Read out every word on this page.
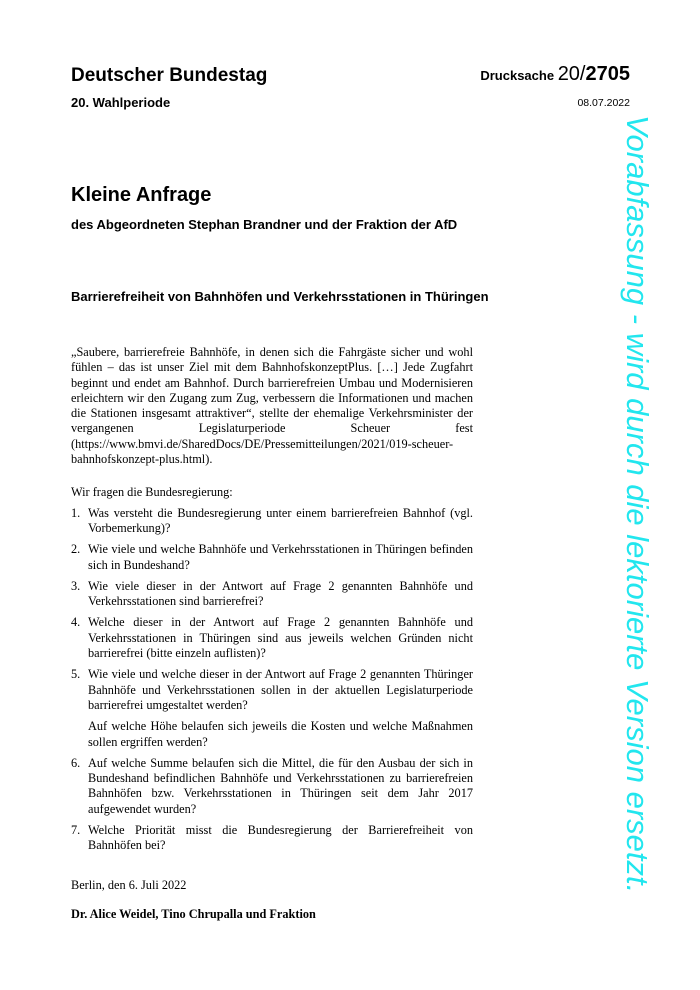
Deutscher Bundestag
20. Wahlperiode
Drucksache 20/2705
08.07.2022
Kleine Anfrage
des Abgeordneten Stephan Brandner und der Fraktion der AfD
Barrierefreiheit von Bahnhöfen und Verkehrsstationen in Thüringen

„Saubere, barrierefreie Bahnhöfe, in denen sich die Fahrgäste sicher und wohl fühlen – das ist unser Ziel mit dem BahnhofskonzeptPlus. […] Jede Zugfahrt beginnt und endet am Bahnhof. Durch barrierefreien Umbau und Modernisieren erleichtern wir den Zugang zum Zug, verbessern die Informationen und machen die Stationen insgesamt attraktiver“, stellte der ehemalige Verkehrsminister der vergangenen Legislaturperiode Scheuer fest (https://www.bmvi.de/SharedDocs/DE/Pressemitteilungen/2021/019-scheuer-bahnhofskonzept-plus.html).

Wir fragen die Bundesregierung:

1. Was versteht die Bundesregierung unter einem barrierefreien Bahnhof (vgl. Vorbemerkung)?
2. Wie viele und welche Bahnhöfe und Verkehrsstationen in Thüringen befinden sich in Bundeshand?
3. Wie viele dieser in der Antwort auf Frage 2 genannten Bahnhöfe und Verkehrsstationen sind barrierefrei?
4. Welche dieser in der Antwort auf Frage 2 genannten Bahnhöfe und Verkehrsstationen in Thüringen sind aus jeweils welchen Gründen nicht barrierefrei (bitte einzeln auflisten)?
5. Wie viele und welche dieser in der Antwort auf Frage 2 genannten Thüringer Bahnhöfe und Verkehrsstationen sollen in der aktuellen Legislaturperiode barrierefrei umgestaltet werden?
Auf welche Höhe belaufen sich jeweils die Kosten und welche Maßnahmen sollen ergriffen werden?
6. Auf welche Summe belaufen sich die Mittel, die für den Ausbau der sich in Bundeshand befindlichen Bahnhöfe und Verkehrsstationen zu barrierefreien Bahnhöfen bzw. Verkehrsstationen in Thüringen seit dem Jahr 2017 aufgewendet wurden?
7. Welche Priorität misst die Bundesregierung der Barrierefreiheit von Bahnhöfen bei?

Berlin, den 6. Juli 2022

Dr. Alice Weidel, Tino Chrupalla und Fraktion

Vorabfassung - wird durch die lektorierte Version ersetzt.
